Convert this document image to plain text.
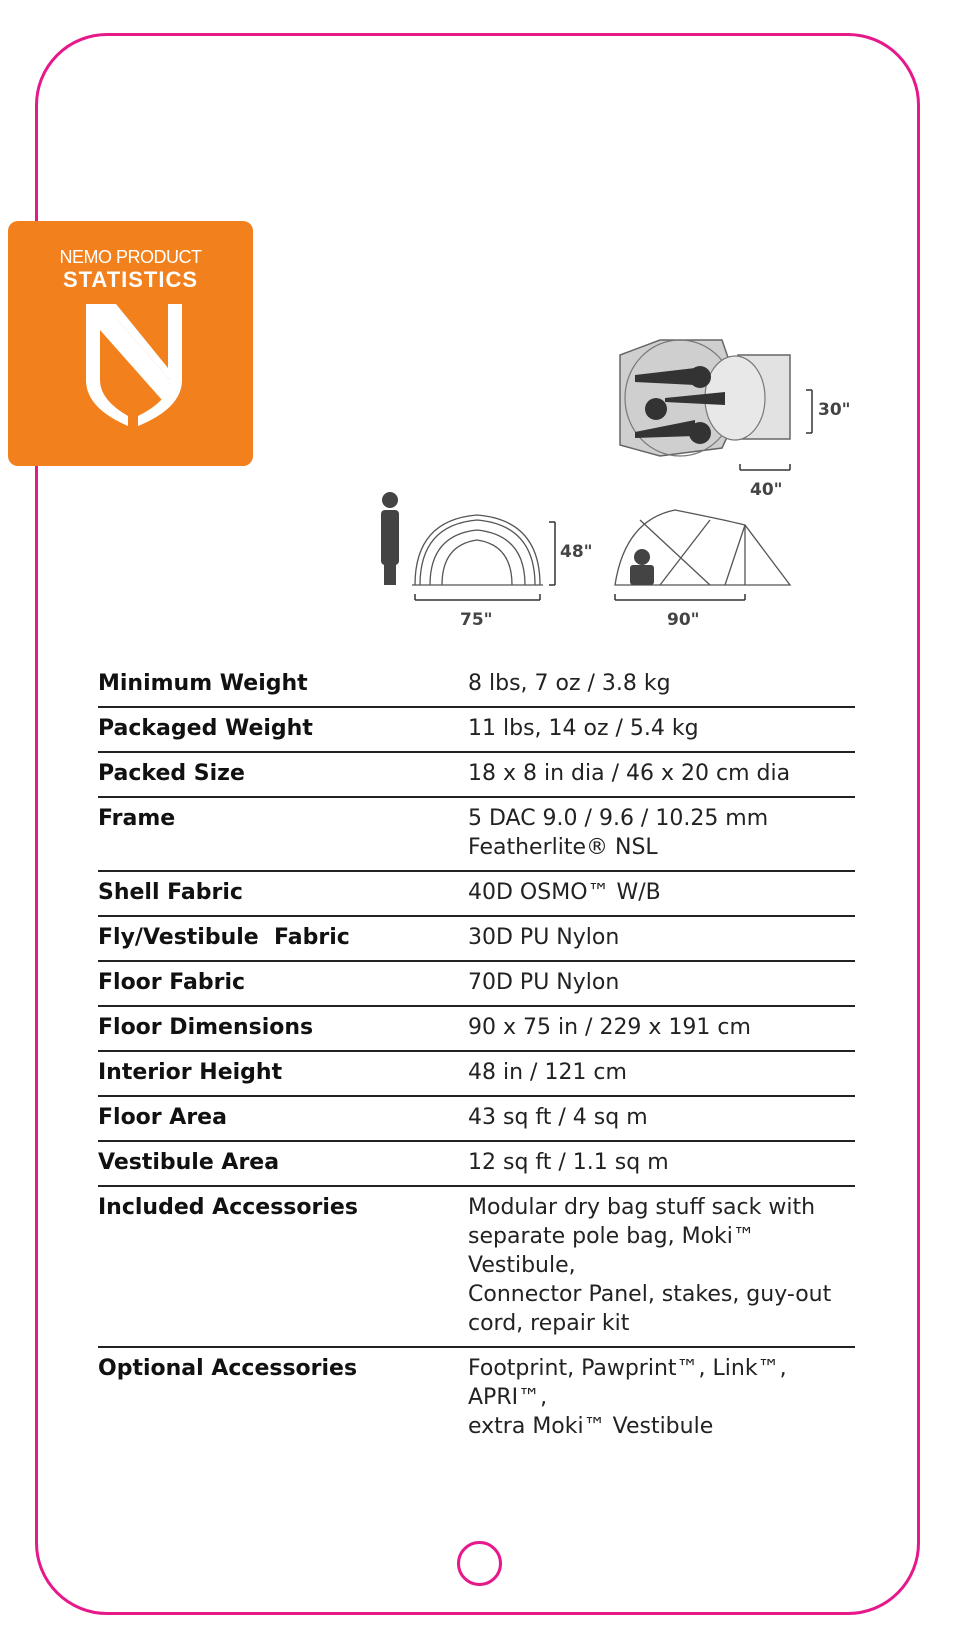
NEMO PRODUCT
STATISTICS
30"
40"
48"
75"	90"
Minimum Weight	8 lbs, 7 oz / 3.8 kg
Packaged Weight	11 lbs, 14 oz / 5.4 kg
Packed Size	18 x 8 in dia / 46 x 20 cm dia
Frame	5 DAC 9.0 / 9.6 / 10.25 mm
Featherlite® NSL
Shell Fabric	40D OSMO™ W/B
Fly/Vestibule  Fabric	30D PU Nylon
Floor Fabric	70D PU Nylon
Floor Dimensions	90 x 75 in / 229 x 191 cm
Interior Height	48 in / 121 cm
Floor Area	43 sq ft / 4 sq m
Vestibule Area	12 sq ft / 1.1 sq m
Included Accessories	Modular dry bag stuff sack with
separate pole bag, Moki™ Vestibule,
Connector Panel, stakes, guy-out
cord, repair kit
Optional Accessories	Footprint, Pawprint™, Link™, APRI™,
extra Moki™ Vestibule
